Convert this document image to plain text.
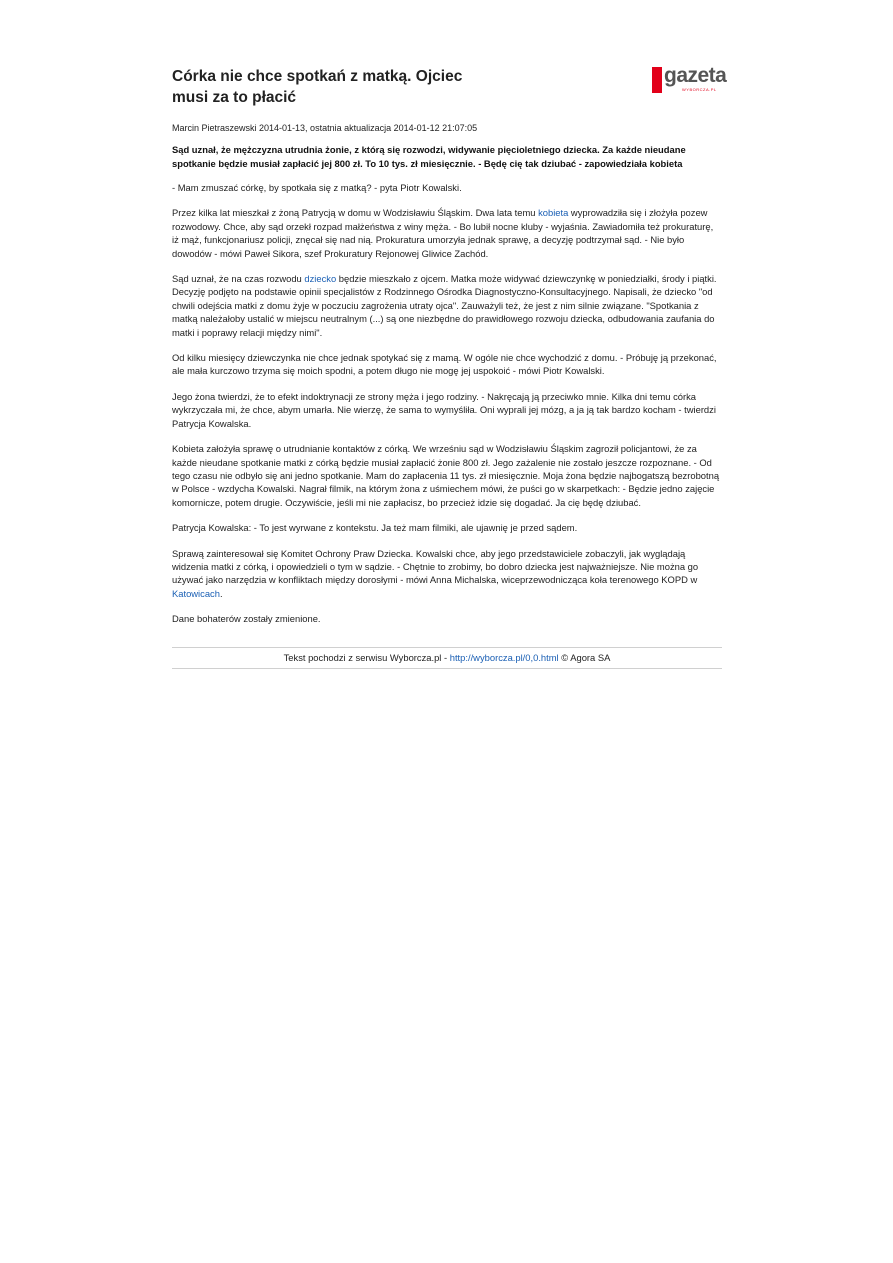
Córka nie chce spotkań z matką. Ojciec musi za to płacić
gazeta
WYBORCZA.PL
Marcin Pietraszewski 2014-01-13, ostatnia aktualizacja 2014-01-12 21:07:05
Sąd uznał, że mężczyzna utrudnia żonie, z którą się rozwodzi, widywanie pięcioletniego dziecka. Za każde nieudane spotkanie będzie musiał zapłacić jej 800 zł. To 10 tys. zł miesięcznie. - Będę cię tak dziubać - zapowiedziała kobieta

- Mam zmuszać córkę, by spotkała się z matką? - pyta Piotr Kowalski.

Przez kilka lat mieszkał z żoną Patrycją w domu w Wodzisławiu Śląskim. Dwa lata temu kobieta wyprowadziła się i złożyła pozew rozwodowy. Chce, aby sąd orzekł rozpad małżeństwa z winy męża. - Bo lubił nocne kluby - wyjaśnia. Zawiadomiła też prokuraturę, iż mąż, funkcjonariusz policji, znęcał się nad nią. Prokuratura umorzyła jednak sprawę, a decyzję podtrzymał sąd. - Nie było dowodów - mówi Paweł Sikora, szef Prokuratury Rejonowej Gliwice Zachód.

Sąd uznał, że na czas rozwodu dziecko będzie mieszkało z ojcem. Matka może widywać dziewczynkę w poniedziałki, środy i piątki. Decyzję podjęto na podstawie opinii specjalistów z Rodzinnego Ośrodka Diagnostyczno-Konsultacyjnego. Napisali, że dziecko "od chwili odejścia matki z domu żyje w poczuciu zagrożenia utraty ojca". Zauważyli też, że jest z nim silnie związane. "Spotkania z matką należałoby ustalić w miejscu neutralnym (...) są one niezbędne do prawidłowego rozwoju dziecka, odbudowania zaufania do matki i poprawy relacji między nimi".

Od kilku miesięcy dziewczynka nie chce jednak spotykać się z mamą. W ogóle nie chce wychodzić z domu. - Próbuję ją przekonać, ale mała kurczowo trzyma się moich spodni, a potem długo nie mogę jej uspokoić - mówi Piotr Kowalski.

Jego żona twierdzi, że to efekt indoktrynacji ze strony męża i jego rodziny. - Nakręcają ją przeciwko mnie. Kilka dni temu córka wykrzyczała mi, że chce, abym umarła. Nie wierzę, że sama to wymyśliła. Oni wyprali jej mózg, a ja ją tak bardzo kocham - twierdzi Patrycja Kowalska.

Kobieta założyła sprawę o utrudnianie kontaktów z córką. We wrześniu sąd w Wodzisławiu Śląskim zagroził policjantowi, że za każde nieudane spotkanie matki z córką będzie musiał zapłacić żonie 800 zł. Jego zażalenie nie zostało jeszcze rozpoznane. - Od tego czasu nie odbyło się ani jedno spotkanie. Mam do zapłacenia 11 tys. zł miesięcznie. Moja żona będzie najbogatszą bezrobotną w Polsce - wzdycha Kowalski. Nagrał filmik, na którym żona z uśmiechem mówi, że puści go w skarpetkach: - Będzie jedno zajęcie komornicze, potem drugie. Oczywiście, jeśli mi nie zapłacisz, bo przecież idzie się dogadać. Ja cię będę dziubać.

Patrycja Kowalska: - To jest wyrwane z kontekstu. Ja też mam filmiki, ale ujawnię je przed sądem.

Sprawą zainteresował się Komitet Ochrony Praw Dziecka. Kowalski chce, aby jego przedstawiciele zobaczyli, jak wyglądają widzenia matki z córką, i opowiedzieli o tym w sądzie. - Chętnie to zrobimy, bo dobro dziecka jest najważniejsze. Nie można go używać jako narzędzia w konfliktach między dorosłymi - mówi Anna Michalska, wiceprzewodnicząca koła terenowego KOPD w Katowicach.

Dane bohaterów zostały zmienione.

Tekst pochodzi z serwisu Wyborcza.pl - http://wyborcza.pl/0,0.html © Agora SA
